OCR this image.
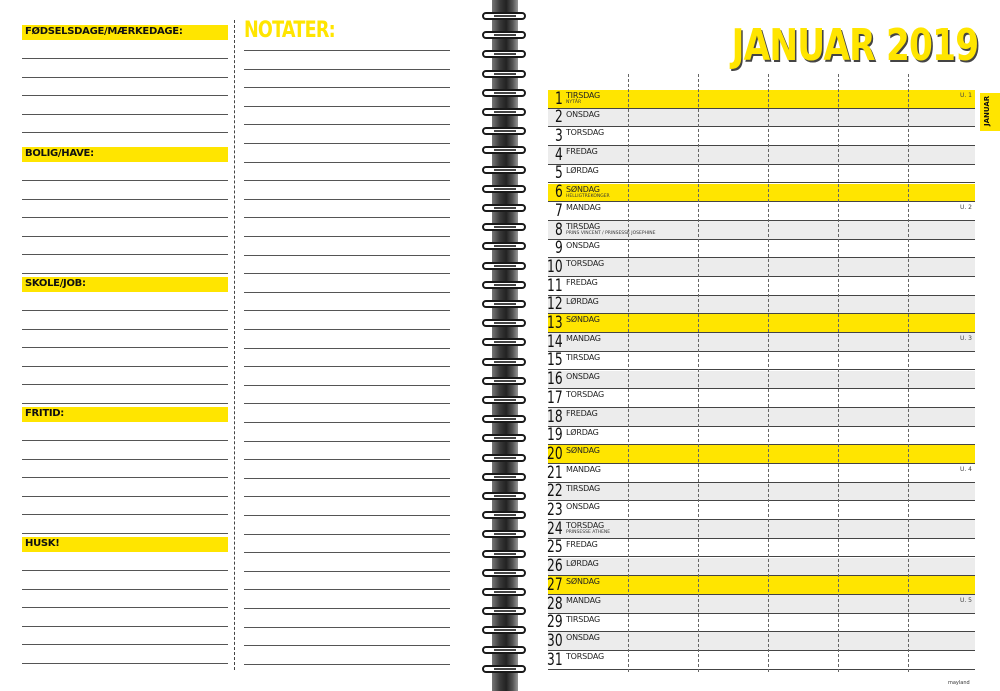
FØDSELSDAGE/MÆRKEDAGE:
BOLIG/HAVE:
SKOLE/JOB:
FRITID:
HUSK!
NOTATER:	JANUAR 2019
JANUAR
1 TIRSDAG
NYTÅR
U. 1
2 ONSDAG
3 TORSDAG
4 FREDAG
5 LØRDAG
6 SØNDAG
HELLIGTREKONGER
7 MANDAG	U. 2
8 TIRSDAG
PRINS VINCENT / PRINSESSE JOSEPHINE
9 ONSDAG
10 TORSDAG
11 FREDAG
12 LØRDAG
13 SØNDAG
14 MANDAG	U. 3
15 TIRSDAG
16 ONSDAG
17 TORSDAG
18 FREDAG
19 LØRDAG
20 SØNDAG
21 MANDAG	U. 4
22 TIRSDAG
23 ONSDAG
24 TORSDAG
PRINSESSE ATHENE
25 FREDAG
26 LØRDAG
27 SØNDAG
28 MANDAG	U. 5
29 TIRSDAG
30 ONSDAG
31 TORSDAG
mayland
